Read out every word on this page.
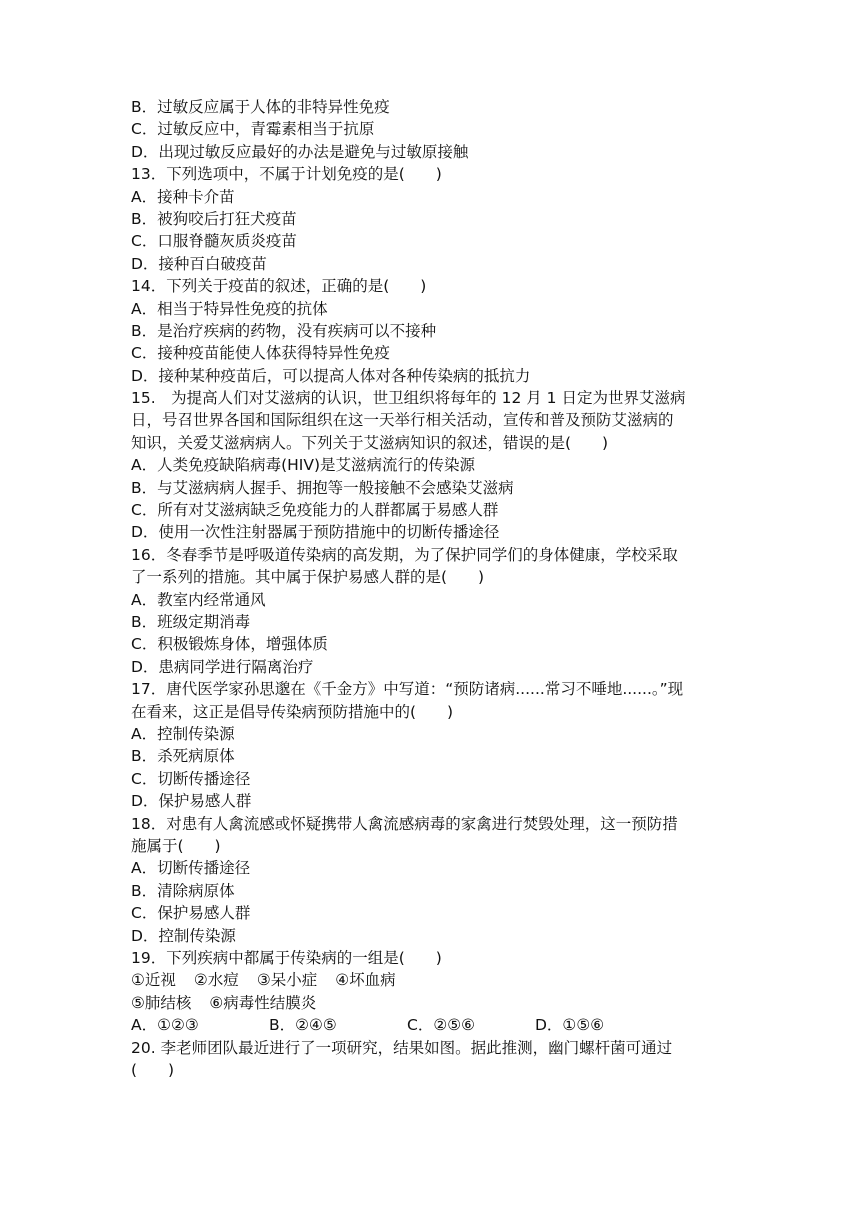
B．过敏反应属于人体的非特异性免疫
C．过敏反应中，青霉素相当于抗原
D．出现过敏反应最好的办法是避免与过敏原接触
13．下列选项中，不属于计划免疫的是(　　)
A．接种卡介苗
B．被狗咬后打狂犬疫苗
C．口服脊髓灰质炎疫苗
D．接种百白破疫苗
14．下列关于疫苗的叙述，正确的是(　　)
A．相当于特异性免疫的抗体
B．是治疗疾病的药物，没有疾病可以不接种
C．接种疫苗能使人体获得特异性免疫
D．接种某种疫苗后，可以提高人体对各种传染病的抵抗力
15.　为提高人们对艾滋病的认识，世卫组织将每年的 12 月 1 日定为世界艾滋病
日，号召世界各国和国际组织在这一天举行相关活动，宣传和普及预防艾滋病的
知识，关爱艾滋病病人。下列关于艾滋病知识的叙述，错误的是(　　)
A．人类免疫缺陷病毒(HIV)是艾滋病流行的传染源
B．与艾滋病病人握手、拥抱等一般接触不会感染艾滋病
C．所有对艾滋病缺乏免疫能力的人群都属于易感人群
D．使用一次性注射器属于预防措施中的切断传播途径
16．冬春季节是呼吸道传染病的高发期，为了保护同学们的身体健康，学校采取
了一系列的措施。其中属于保护易感人群的是(　　)
A．教室内经常通风
B．班级定期消毒
C．积极锻炼身体，增强体质
D．患病同学进行隔离治疗
17．唐代医学家孙思邈在《千金方》中写道：“预防诸病......常习不唾地......。”现
在看来，这正是倡导传染病预防措施中的(　　)
A．控制传染源
B．杀死病原体
C．切断传播途径
D．保护易感人群
18．对患有人禽流感或怀疑携带人禽流感病毒的家禽进行焚毁处理，这一预防措
施属于(　　)
A．切断传播途径
B．清除病原体
C．保护易感人群
D．控制传染源
19．下列疾病中都属于传染病的一组是(　　)
①近视 ②水痘 ③呆小症 ④坏血病
⑤肺结核 ⑥病毒性结膜炎
A．①②③	B．②④⑤	C．②⑤⑥	D．①⑤⑥
20. 李老师团队最近进行了一项研究，结果如图。据此推测，幽门螺杆菌可通过
(　　)
